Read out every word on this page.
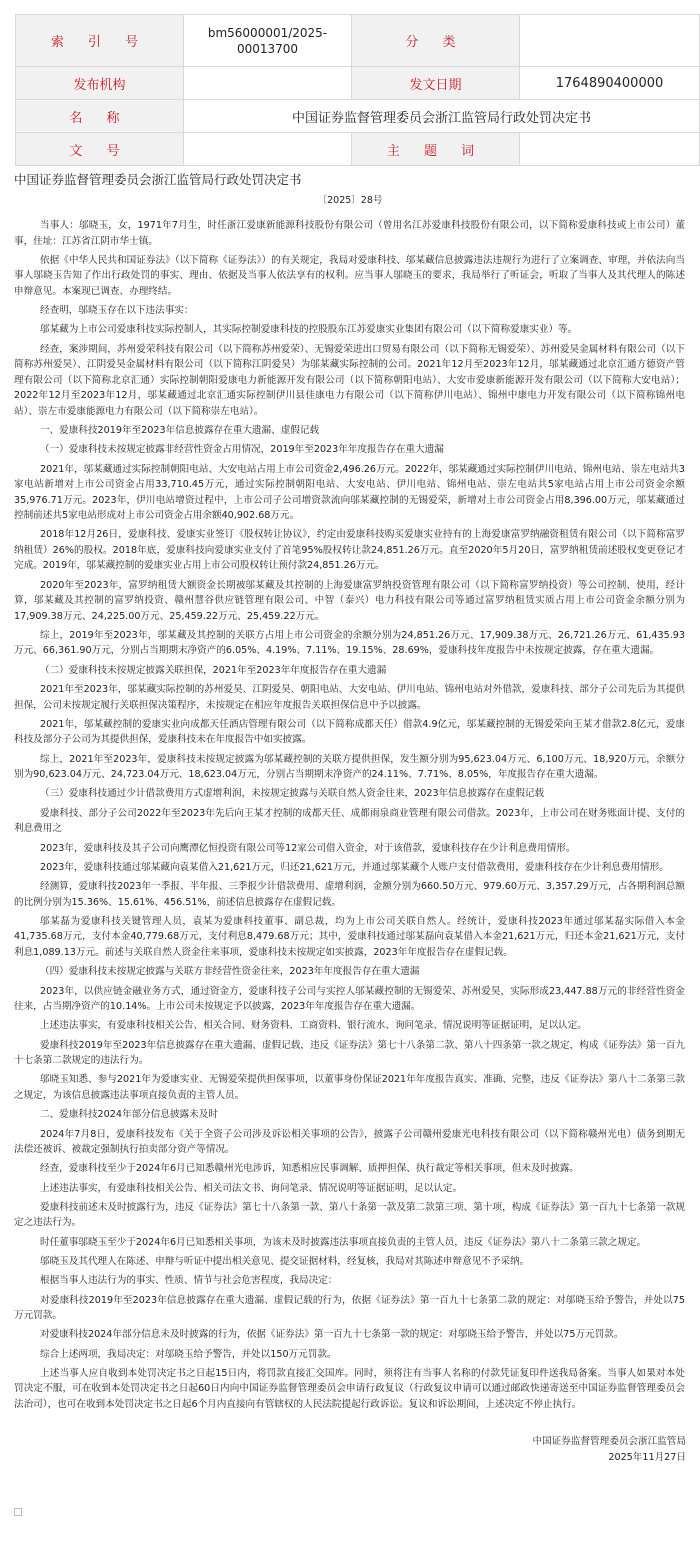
索 引 号	bm56000001/2025-00013700	分 类	
发布机构		发文日期	1764890400000
名 称	中国证券监督管理委员会浙江监管局行政处罚决定书		
文 号		主 题 词	
中国证券监督管理委员会浙江监管局行政处罚决定书
〔2025〕28号

当事人：邬晓玉，女，1971年7月生，时任浙江爱康新能源科技股份有限公司（曾用名江苏爱康科技股份有限公司，以下简称爱康科技或上市公司）董事，住址：江苏省江阴市华士镇。

依据《中华人民共和国证券法》（以下简称《证券法》）的有关规定，我局对爱康科技、邬某藏信息披露违法违规行为进行了立案调查、审理，并依法向当事人邬晓玉告知了作出行政处罚的事实、理由、依据及当事人依法享有的权利。应当事人邬晓玉的要求，我局举行了听证会，听取了当事人及其代理人的陈述申辩意见。本案现已调查、办理终结。

经查明，邬晓玉存在以下违法事实：

邬某藏为上市公司爱康科技实际控制人，其实际控制爱康科技的控股股东江苏爱康实业集团有限公司（以下简称爱康实业）等。

经查，案涉期间，苏州爱荣科技有限公司（以下简称苏州爱荣）、无锡爱荣进出口贸易有限公司（以下简称无锡爱荣）、苏州爱昊金属材料有限公司（以下简称苏州爱昊）、江阴爱昊金属材料有限公司（以下简称江阴爱昊）为邬某藏实际控制的公司。2021年12月至2023年12月，邬某藏通过北京汇通方德资产管理有限公司（以下简称北京汇通）实际控制朝阳爱康电力新能源开发有限公司（以下简称朝阳电站）、大安市爱康新能源开发有限公司（以下简称大安电站）；2022年12月至2023年12月，邬某藏通过北京汇通实际控制伊川县佳康电力有限公司（以下简称伊川电站）、锦州中康电力开发有限公司（以下简称锦州电站）、崇左市爱康能源电力有限公司（以下简称崇左电站）。

一、爱康科技2019年至2023年信息披露存在重大遗漏、虚假记载

（一）爱康科技未按规定披露非经营性资金占用情况，2019年至2023年年度报告存在重大遗漏

2021年，邬某藏通过实际控制朝阳电站、大安电站占用上市公司资金2,496.26万元。2022年，邬某藏通过实际控制伊川电站、锦州电站、崇左电站共3家电站新增对上市公司资金占用33,710.45万元，通过实际控制朝阳电站、大安电站、伊川电站、锦州电站、崇左电站共5家电站占用上市公司资金余额35,976.71万元。2023年，伊川电站增资过程中，上市公司子公司增资款流向邬某藏控制的无锡爱荣，新增对上市公司资金占用8,396.00万元，邬某藏通过控制前述共5家电站形成对上市公司资金占用余额40,902.68万元。

2018年12月26日，爱康科技、爱康实业签订《股权转让协议》，约定由爱康科技购买爱康实业持有的上海爱康富罗纳融资租赁有限公司（以下简称富罗纳租赁）26%的股权。2018年底，爱康科技向爱康实业支付了首笔95%股权转让款24,851.26万元。直至2020年5月20日，富罗纳租赁前述股权变更登记才完成。2019年，邬某藏控制的爱康实业占用上市公司股权转让预付款24,851.26万元。

2020年至2023年，富罗纳租赁大额资金长期被邬某藏及其控制的上海爱康富罗纳投资管理有限公司（以下简称富罗纳投资）等公司控制、使用，经计算，邬某藏及其控制的富罗纳投资、赣州慧谷供应链管理有限公司、中智（泰兴）电力科技有限公司等通过富罗纳租赁实质占用上市公司资金余额分别为17,909.38万元、24,225.00万元、25,459.22万元、25,459.22万元。

综上，2019年至2023年，邬某藏及其控制的关联方占用上市公司资金的余额分别为24,851.26万元、17,909.38万元、26,721.26万元、61,435.93万元、66,361.90万元，分别占当期期末净资产的6.05%、4.19%、7.11%、19.15%、28.69%，爱康科技年度报告中未按规定披露，存在重大遗漏。

（二）爱康科技未按规定披露关联担保，2021年至2023年年度报告存在重大遗漏

2021年至2023年，邬某藏实际控制的苏州爱昊、江阴爱昊、朝阳电站、大安电站、伊川电站、锦州电站对外借款，爱康科技、部分子公司先后为其提供担保，公司未按规定履行关联担保决策程序，未按规定在相应年度报告关联担保信息中予以披露。

2021年，邬某藏控制的爱康实业向成都天任酒店管理有限公司（以下简称成都天任）借款4.9亿元，邬某藏控制的无锡爱荣向王某才借款2.8亿元，爱康科技及部分子公司为其提供担保，爱康科技未在年度报告中如实披露。

综上，2021年至2023年，爱康科技未按规定披露为邬某藏控制的关联方提供担保，发生额分别为95,623.04万元、6,100万元、18,920万元，余额分别为90,623.04万元、24,723.04万元、18,623.04万元，分别占当期期末净资产的24.11%、7.71%、8.05%，年度报告存在重大遗漏。

（三）爱康科技通过少计借款费用方式虚增利润，未按规定披露与关联自然人资金往来，2023年信息披露存在虚假记载

爱康科技、部分子公司2022年至2023年先后向王某才控制的成都天任、成都雨泉商业管理有限公司借款。2023年，上市公司在财务账面计提、支付的利息费用之

2023年，爱康科技及其子公司向鹰潭亿恒投资有限公司等12家公司借入资金，对于该借款，爱康科技存在少计利息费用情形。

2023年，爱康科技通过邬某藏向袁某借入21,621万元，归还21,621万元，并通过邬某藏个人账户支付借款费用，爱康科技存在少计利息费用情形。

经测算，爱康科技2023年一季报、半年报、三季报少计借款费用、虚增利润，金额分别为660.50万元、979.60万元、3,357.29万元，占各期利润总额的比例分别为15.36%、15.61%、456.51%，前述信息披露存在虚假记载。

邬某磊为爱康科技关键管理人员，袁某为爱康科技董事、副总裁，均为上市公司关联自然人。经统计，爱康科技2023年通过邬某磊实际借入本金41,735.68万元，支付本金40,779.68万元，支付利息8,479.68万元；其中，爱康科技通过邬某磊向袁某借入本金21,621万元，归还本金21,621万元，支付利息1,089.13万元。前述与关联自然人资金往来事项，爱康科技未按规定如实披露，2023年年度报告存在虚假记载。

（四）爱康科技未按规定披露与关联方非经营性资金往来，2023年年度报告存在重大遗漏

2023年，以供应链金融业务方式，通过资金方，爱康科技子公司与实控人邬某藏控制的无锡爱荣、苏州爱昊，实际形成23,447.88万元的非经营性资金往来，占当期净资产的10.14%。上市公司未按规定予以披露，2023年年度报告存在重大遗漏。

上述违法事实，有爱康科技相关公告、相关合同、财务资料、工商资料、银行流水、询问笔录、情况说明等证据证明，足以认定。

爱康科技2019年至2023年信息披露存在重大遗漏、虚假记载，违反《证券法》第七十八条第二款、第八十四条第一款之规定，构成《证券法》第一百九十七条第二款规定的违法行为。

邬晓玉知悉、参与2021年为爱康实业、无锡爱荣提供担保事项，以董事身份保证2021年年度报告真实、准确、完整，违反《证券法》第八十二条第三款之规定，为该信息披露违法事项直接负责的主管人员。

二、爱康科技2024年部分信息披露未及时

2024年7月8日，爱康科技发布《关于全资子公司涉及诉讼相关事项的公告》，披露子公司赣州爱康光电科技有限公司（以下简称赣州光电）债务到期无法偿还被诉、被裁定强制执行拍卖部分资产等情况。

经查，爱康科技至少于2024年6月已知悉赣州光电涉诉，知悉相应民事调解、质押担保、执行裁定等相关事项，但未及时披露。

上述违法事实，有爱康科技相关公告、相关司法文书、询问笔录、情况说明等证据证明，足以认定。

爱康科技前述未及时披露行为，违反《证券法》第七十八条第一款、第八十条第一款及第二款第三项、第十项，构成《证券法》第一百九十七条第一款规定之违法行为。

时任董事邬晓玉至少于2024年6月已知悉相关事项，为该未及时披露违法事项直接负责的主管人员，违反《证券法》第八十二条第三款之规定。

邬晓玉及其代理人在陈述、申辩与听证中提出相关意见、提交证据材料，经复核，我局对其陈述申辩意见不予采纳。

根据当事人违法行为的事实、性质、情节与社会危害程度，我局决定：

对爱康科技2019年至2023年信息披露存在重大遗漏、虚假记载的行为，依据《证券法》第一百九十七条第二款的规定：对邬晓玉给予警告，并处以75万元罚款。

对爱康科技2024年部分信息未及时披露的行为，依据《证券法》第一百九十七条第一款的规定：对邬晓玉给予警告，并处以75万元罚款。

综合上述两项，我局决定：对邬晓玉给予警告，并处以150万元罚款。

上述当事人应自收到本处罚决定书之日起15日内，将罚款直接汇交国库。同时，须将注有当事人名称的付款凭证复印件送我局备案。当事人如果对本处罚决定不服，可在收到本处罚决定书之日起60日内向中国证券监督管理委员会申请行政复议（行政复议申请可以通过邮政快递寄送至中国证券监督管理委员会法治司），也可在收到本处罚决定书之日起6个月内直接向有管辖权的人民法院提起行政诉讼。复议和诉讼期间，上述决定不停止执行。

中国证券监督管理委员会浙江监管局
2025年11月27日
